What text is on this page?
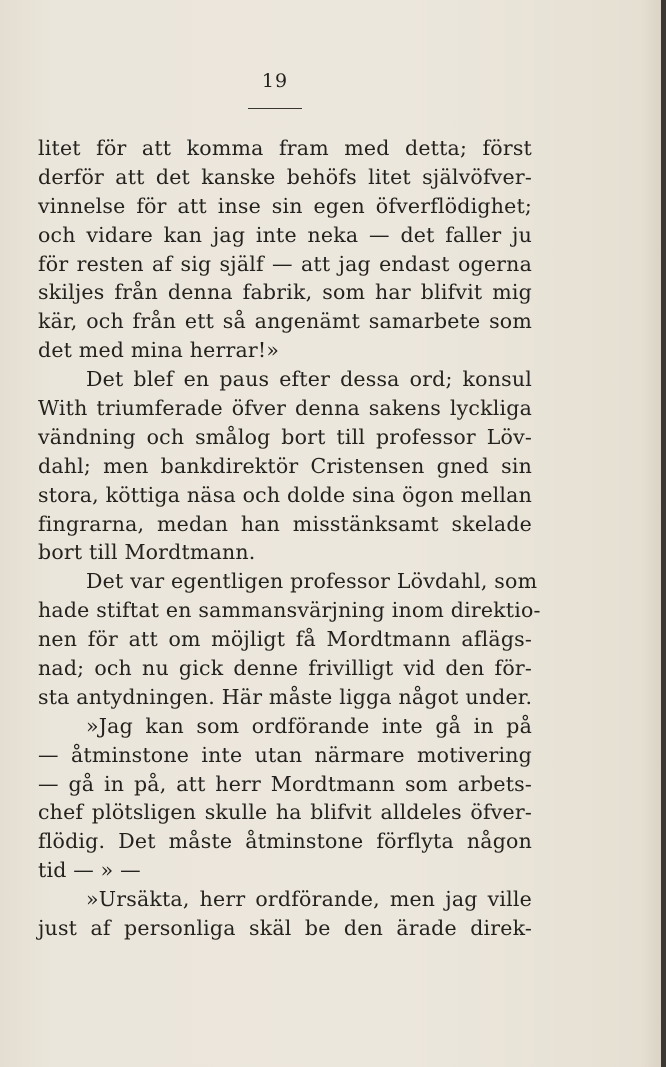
19
litet för att komma fram med detta; först
derför att det kanske behöfs litet självöfver-
vinnelse för att inse sin egen öfverflödighet;
och vidare kan jag inte neka — det faller ju
för resten af sig själf — att jag endast ogerna
skiljes från denna fabrik, som har blifvit mig
kär, och från ett så angenämt samarbete som
det med mina herrar!»
Det blef en paus efter dessa ord; konsul
With triumferade öfver denna sakens lyckliga
vändning och smålog bort till professor Löv-
dahl; men bankdirektör Cristensen gned sin
stora, köttiga näsa och dolde sina ögon mellan
fingrarna, medan han misstänksamt skelade
bort till Mordtmann.
Det var egentligen professor Lövdahl, som
hade stiftat en sammansvärjning inom direktio-
nen för att om möjligt få Mordtmann aflägs-
nad; och nu gick denne frivilligt vid den för-
sta antydningen. Här måste ligga något under.
»Jag kan som ordförande inte gå in på
— åtminstone inte utan närmare motivering
— gå in på, att herr Mordtmann som arbets-
chef plötsligen skulle ha blifvit alldeles öfver-
flödig. Det måste åtminstone förflyta någon
tid — » —
»Ursäkta, herr ordförande, men jag ville
just af personliga skäl be den ärade direk-
